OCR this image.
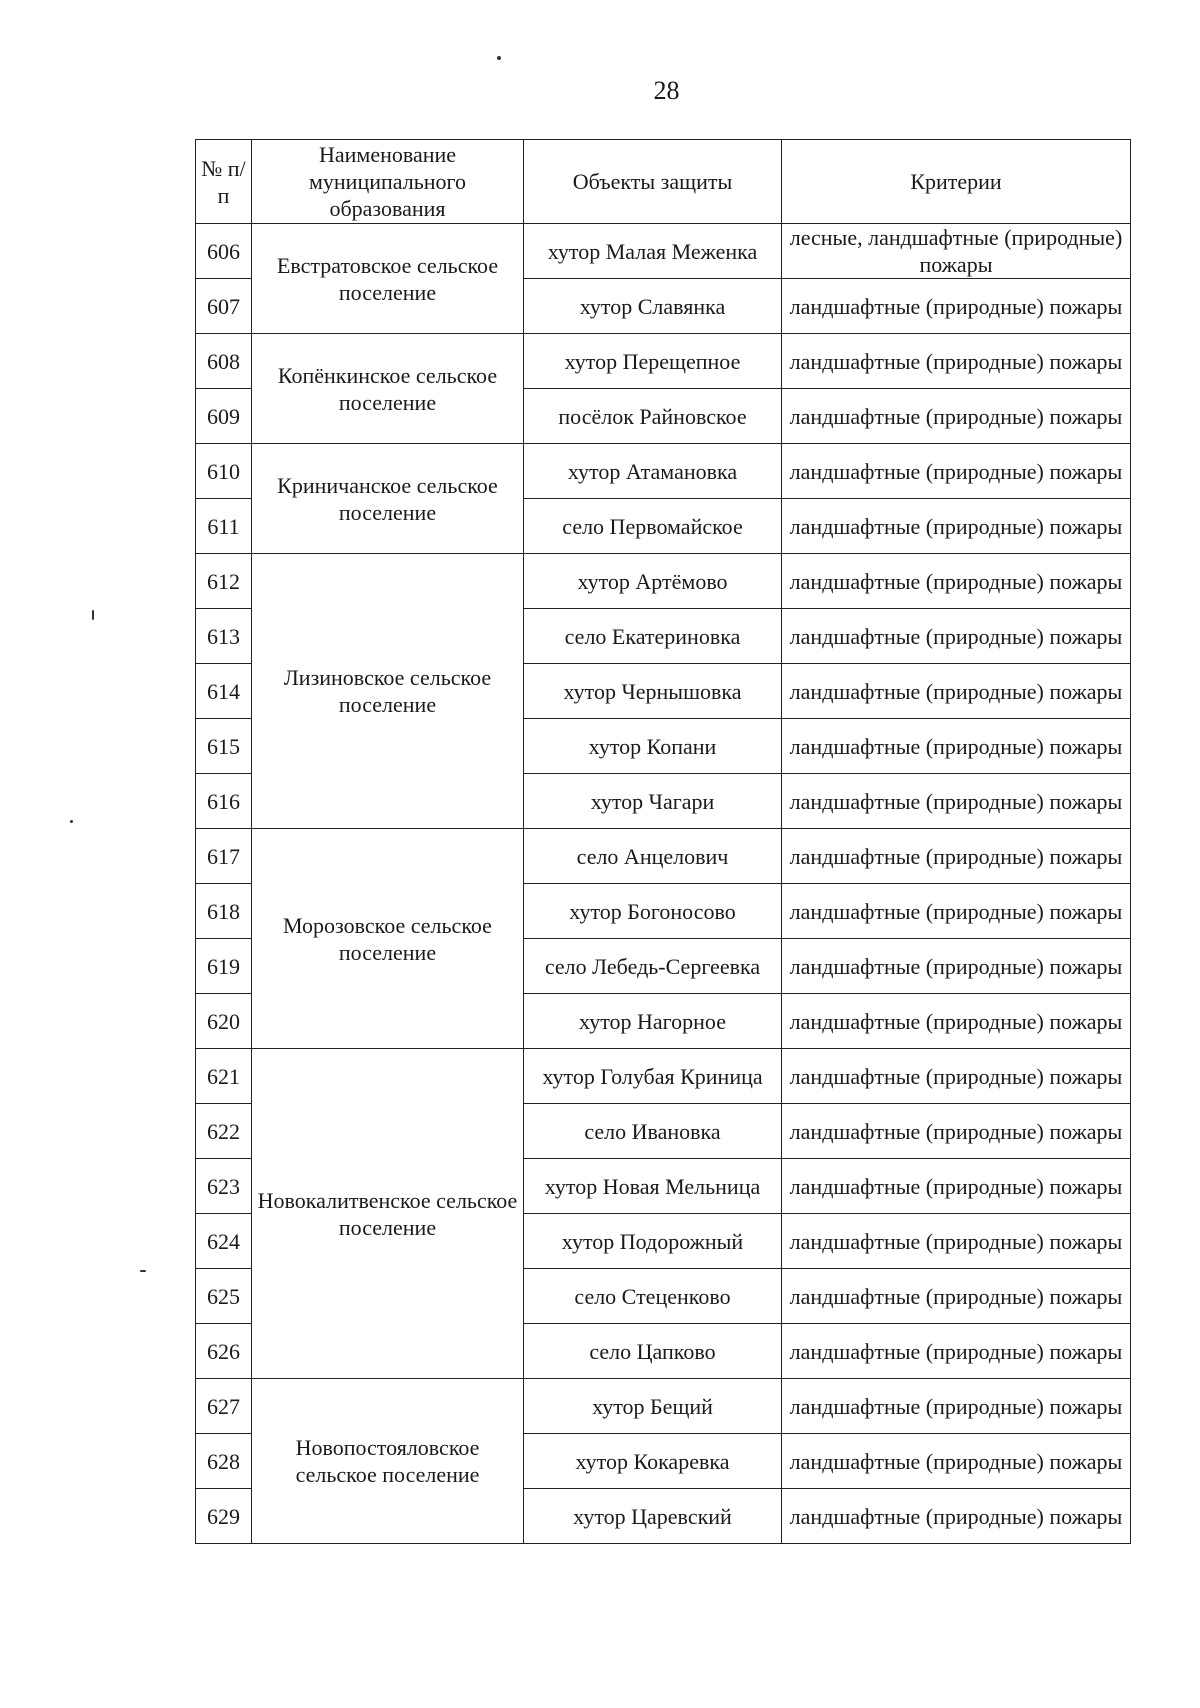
28
№ п/п	Наименование муниципального образования	Объекты защиты	Критерии
606	Евстратовское сельское поселение	хутор Малая Меженка	лесные, ландшафтные (природные) пожары
607		хутор Славянка	ландшафтные (природные) пожары
608	Копёнкинское сельское поселение	хутор Перещепное	ландшафтные (природные) пожары
609		посёлок Райновское	ландшафтные (природные) пожары
610	Криничанское сельское поселение	хутор Атамановка	ландшафтные (природные) пожары
611		село Первомайское	ландшафтные (природные) пожары
612	Лизиновское сельское поселение	хутор Артёмово	ландшафтные (природные) пожары
613		село Екатериновка	ландшафтные (природные) пожары
614		хутор Чернышовка	ландшафтные (природные) пожары
615		хутор Копани	ландшафтные (природные) пожары
616		хутор Чагари	ландшафтные (природные) пожары
617	Морозовское сельское поселение	село Анцелович	ландшафтные (природные) пожары
618		хутор Богоносово	ландшафтные (природные) пожары
619		село Лебедь-Сергеевка	ландшафтные (природные) пожары
620		хутор Нагорное	ландшафтные (природные) пожары
621	Новокалитвенское сельское поселение	хутор Голубая Криница	ландшафтные (природные) пожары
622		село Ивановка	ландшафтные (природные) пожары
623		хутор Новая Мельница	ландшафтные (природные) пожары
624		хутор Подорожный	ландшафтные (природные) пожары
625		село Стеценково	ландшафтные (природные) пожары
626		село Цапково	ландшафтные (природные) пожары
627	Новопостояловское сельское поселение	хутор Бещий	ландшафтные (природные) пожары
628		хутор Кокаревка	ландшафтные (природные) пожары
629		хутор Царевский	ландшафтные (природные) пожары
